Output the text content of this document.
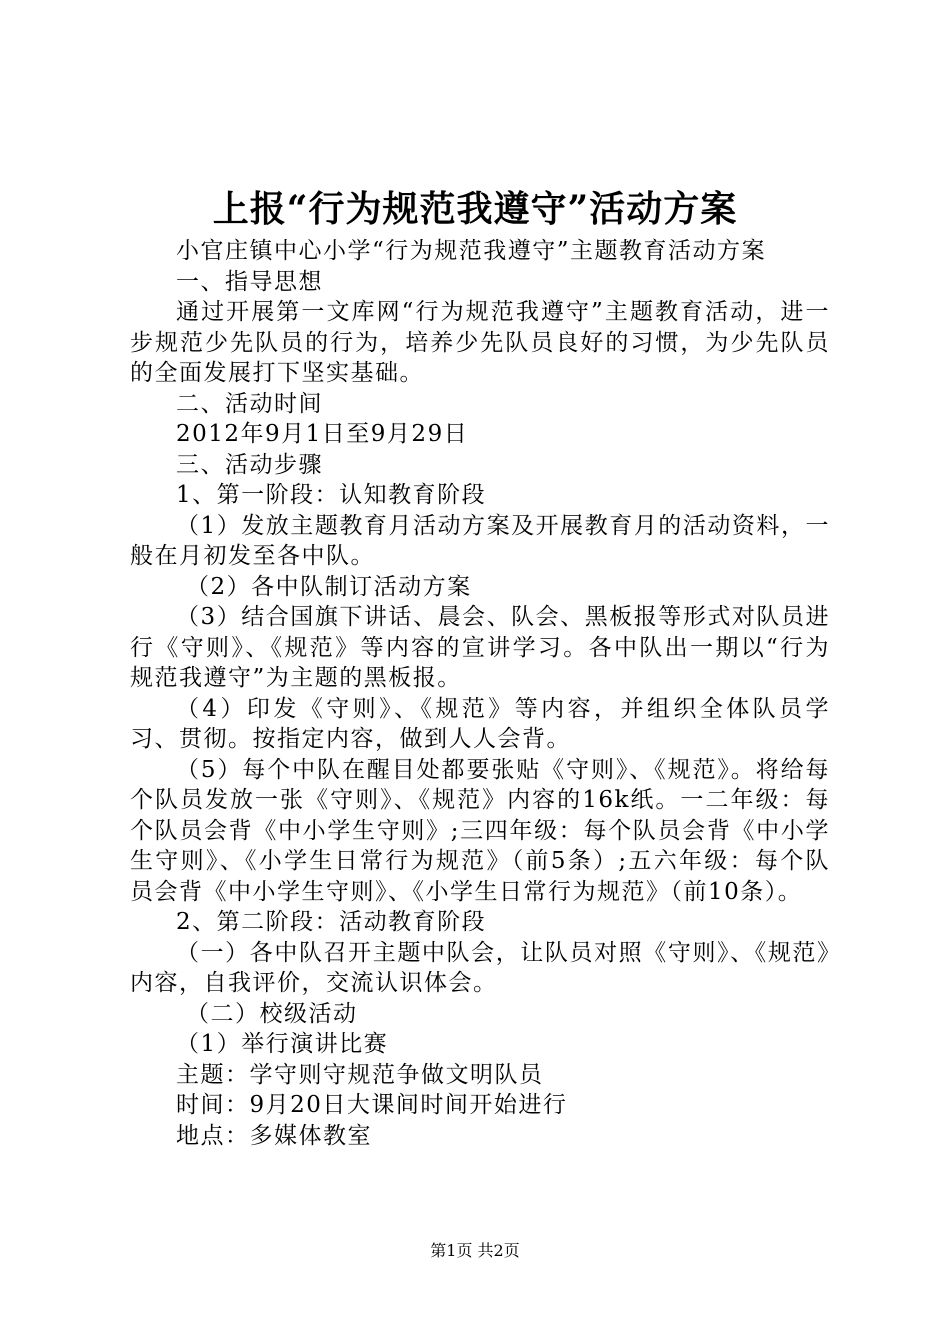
上报“行为规范我遵守”活动方案

小官庄镇中心小学“行为规范我遵守”主题教育活动方案

一、指导思想

通过开展第一文库网“行为规范我遵守”主题教育活动，进一步规范少先队员的行为，培养少先队员良好的习惯，为少先队员的全面发展打下坚实基础。

二、活动时间

2012年9月1日至9月29日

三、活动步骤

1、第一阶段：认知教育阶段

（1）发放主题教育月活动方案及开展教育月的活动资料，一般在月初发至各中队。

（2）各中队制订活动方案

（3）结合国旗下讲话、晨会、队会、黑板报等形式对队员进行《守则》、《规范》等内容的宣讲学习。各中队出一期以“行为规范我遵守”为主题的黑板报。

（4）印发《守则》、《规范》等内容，并组织全体队员学习、贯彻。按指定内容，做到人人会背。

（5）每个中队在醒目处都要张贴《守则》、《规范》。将给每个队员发放一张《守则》、《规范》内容的16k纸。一二年级：每个队员会背《中小学生守则》;三四年级：每个队员会背《中小学生守则》、《小学生日常行为规范》（前5条）;五六年级：每个队员会背《中小学生守则》、《小学生日常行为规范》（前10条）。

2、第二阶段：活动教育阶段

（一）各中队召开主题中队会，让队员对照《守则》、《规范》内容，自我评价，交流认识体会。

（二）校级活动

（1）举行演讲比赛

主题：学守则守规范争做文明队员

时间：9月20日大课间时间开始进行

地点：多媒体教室

第1页 共2页
